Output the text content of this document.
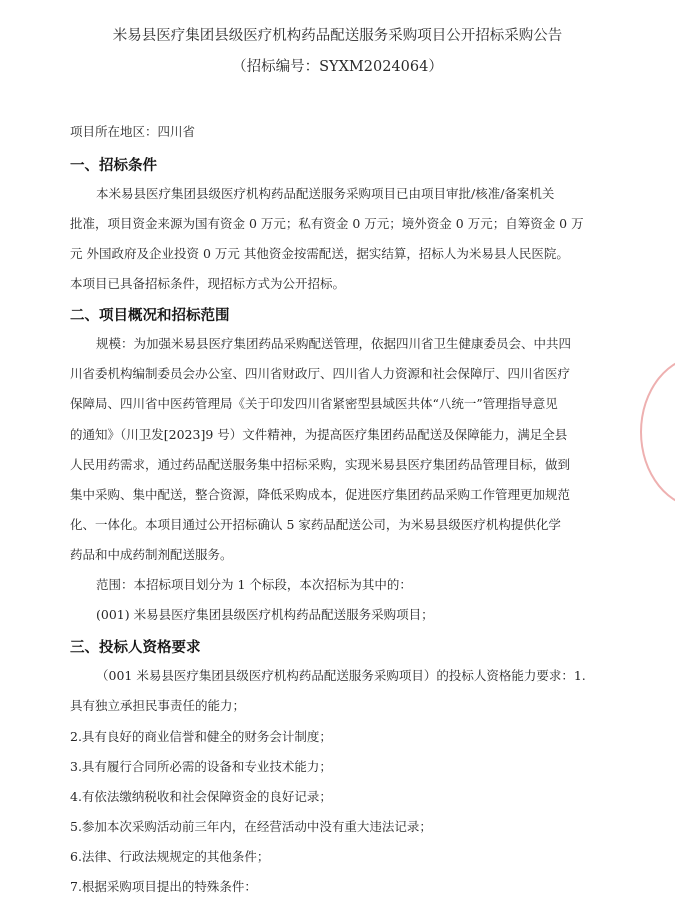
米易县医疗集团县级医疗机构药品配送服务采购项目公开招标采购公告
（招标编号：SYXM2024064）
项目所在地区：四川省
一、招标条件
本米易县医疗集团县级医疗机构药品配送服务采购项目已由项目审批/核准/备案机关
批准，项目资金来源为国有资金 0 万元；私有资金 0 万元；境外资金 0 万元；自筹资金 0 万
元 外国政府及企业投资 0 万元 其他资金按需配送，据实结算，招标人为米易县人民医院。
本项目已具备招标条件，现招标方式为公开招标。
二、项目概况和招标范围
规模：为加强米易县医疗集团药品采购配送管理，依据四川省卫生健康委员会、中共四
川省委机构编制委员会办公室、四川省财政厅、四川省人力资源和社会保障厅、四川省医疗
保障局、四川省中医药管理局《关于印发四川省紧密型县域医共体“八统一”管理指导意见
的通知》（川卫发[2023]9 号）文件精神，为提高医疗集团药品配送及保障能力，满足全县
人民用药需求，通过药品配送服务集中招标采购，实现米易县医疗集团药品管理目标，做到
集中采购、集中配送，整合资源，降低采购成本，促进医疗集团药品采购工作管理更加规范
化、一体化。本项目通过公开招标确认 5 家药品配送公司，为米易县级医疗机构提供化学
药品和中成药制剂配送服务。
范围：本招标项目划分为 1 个标段，本次招标为其中的：
(001) 米易县医疗集团县级医疗机构药品配送服务采购项目；
三、投标人资格要求
（001 米易县医疗集团县级医疗机构药品配送服务采购项目）的投标人资格能力要求：1.
具有独立承担民事责任的能力；
2.具有良好的商业信誉和健全的财务会计制度；
3.具有履行合同所必需的设备和专业技术能力；
4.有依法缴纳税收和社会保障资金的良好记录；
5.参加本次采购活动前三年内，在经营活动中没有重大违法记录；
6.法律、行政法规规定的其他条件；
7.根据采购项目提出的特殊条件：
